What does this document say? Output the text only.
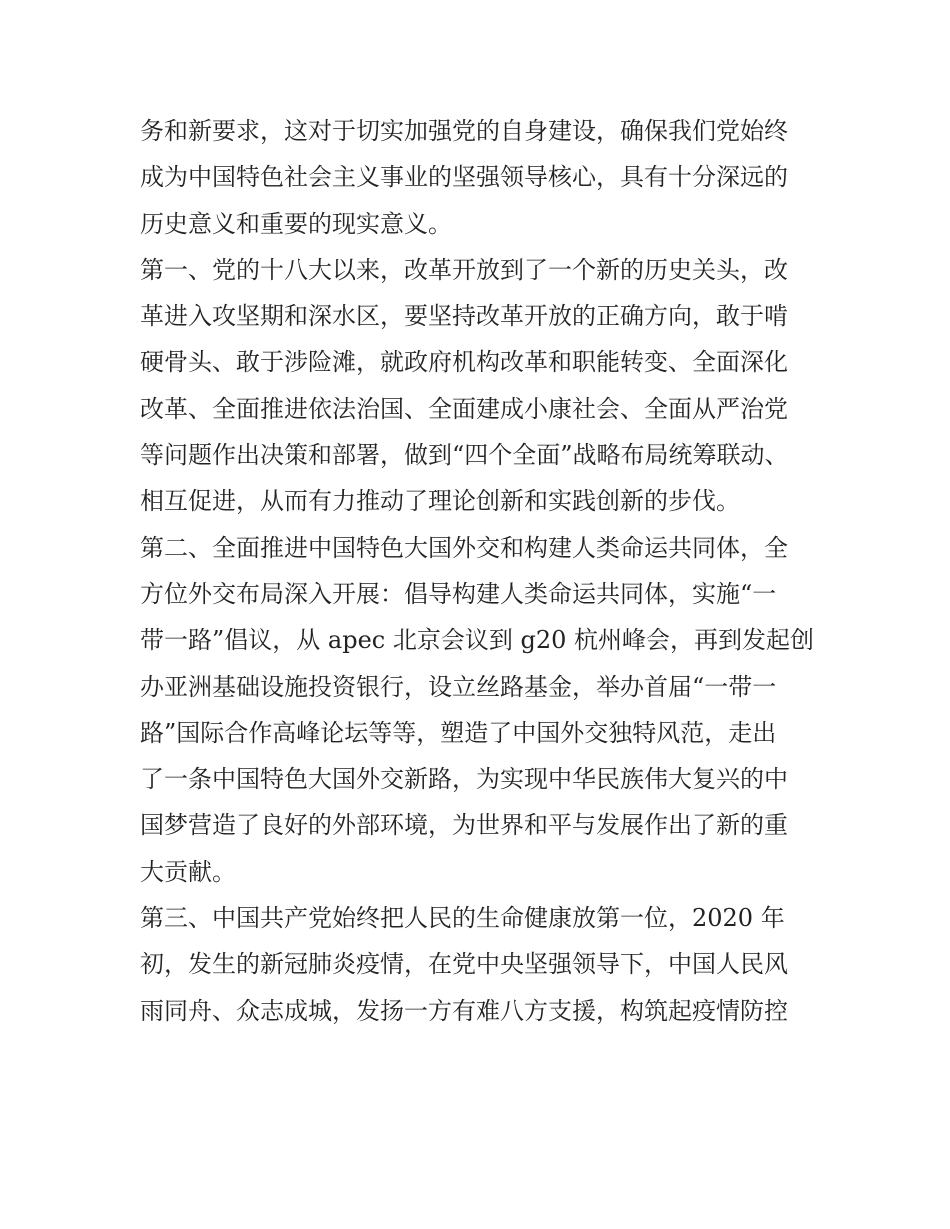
务和新要求，这对于切实加强党的自身建设，确保我们党始终
成为中国特色社会主义事业的坚强领导核心，具有十分深远的
历史意义和重要的现实意义。
第一、党的十八大以来，改革开放到了一个新的历史关头，改
革进入攻坚期和深水区，要坚持改革开放的正确方向，敢于啃
硬骨头、敢于涉险滩，就政府机构改革和职能转变、全面深化
改革、全面推进依法治国、全面建成小康社会、全面从严治党
等问题作出决策和部署，做到“四个全面”战略布局统筹联动、
相互促进，从而有力推动了理论创新和实践创新的步伐。
第二、全面推进中国特色大国外交和构建人类命运共同体，全
方位外交布局深入开展：倡导构建人类命运共同体，实施“一
带一路”倡议，从 apec 北京会议到 g20 杭州峰会，再到发起创
办亚洲基础设施投资银行，设立丝路基金，举办首届“一带一
路”国际合作高峰论坛等等，塑造了中国外交独特风范，走出
了一条中国特色大国外交新路，为实现中华民族伟大复兴的中
国梦营造了良好的外部环境，为世界和平与发展作出了新的重
大贡献。
第三、中国共产党始终把人民的生命健康放第一位，2020 年
初，发生的新冠肺炎疫情，在党中央坚强领导下，中国人民风
雨同舟、众志成城，发扬一方有难八方支援，构筑起疫情防控
